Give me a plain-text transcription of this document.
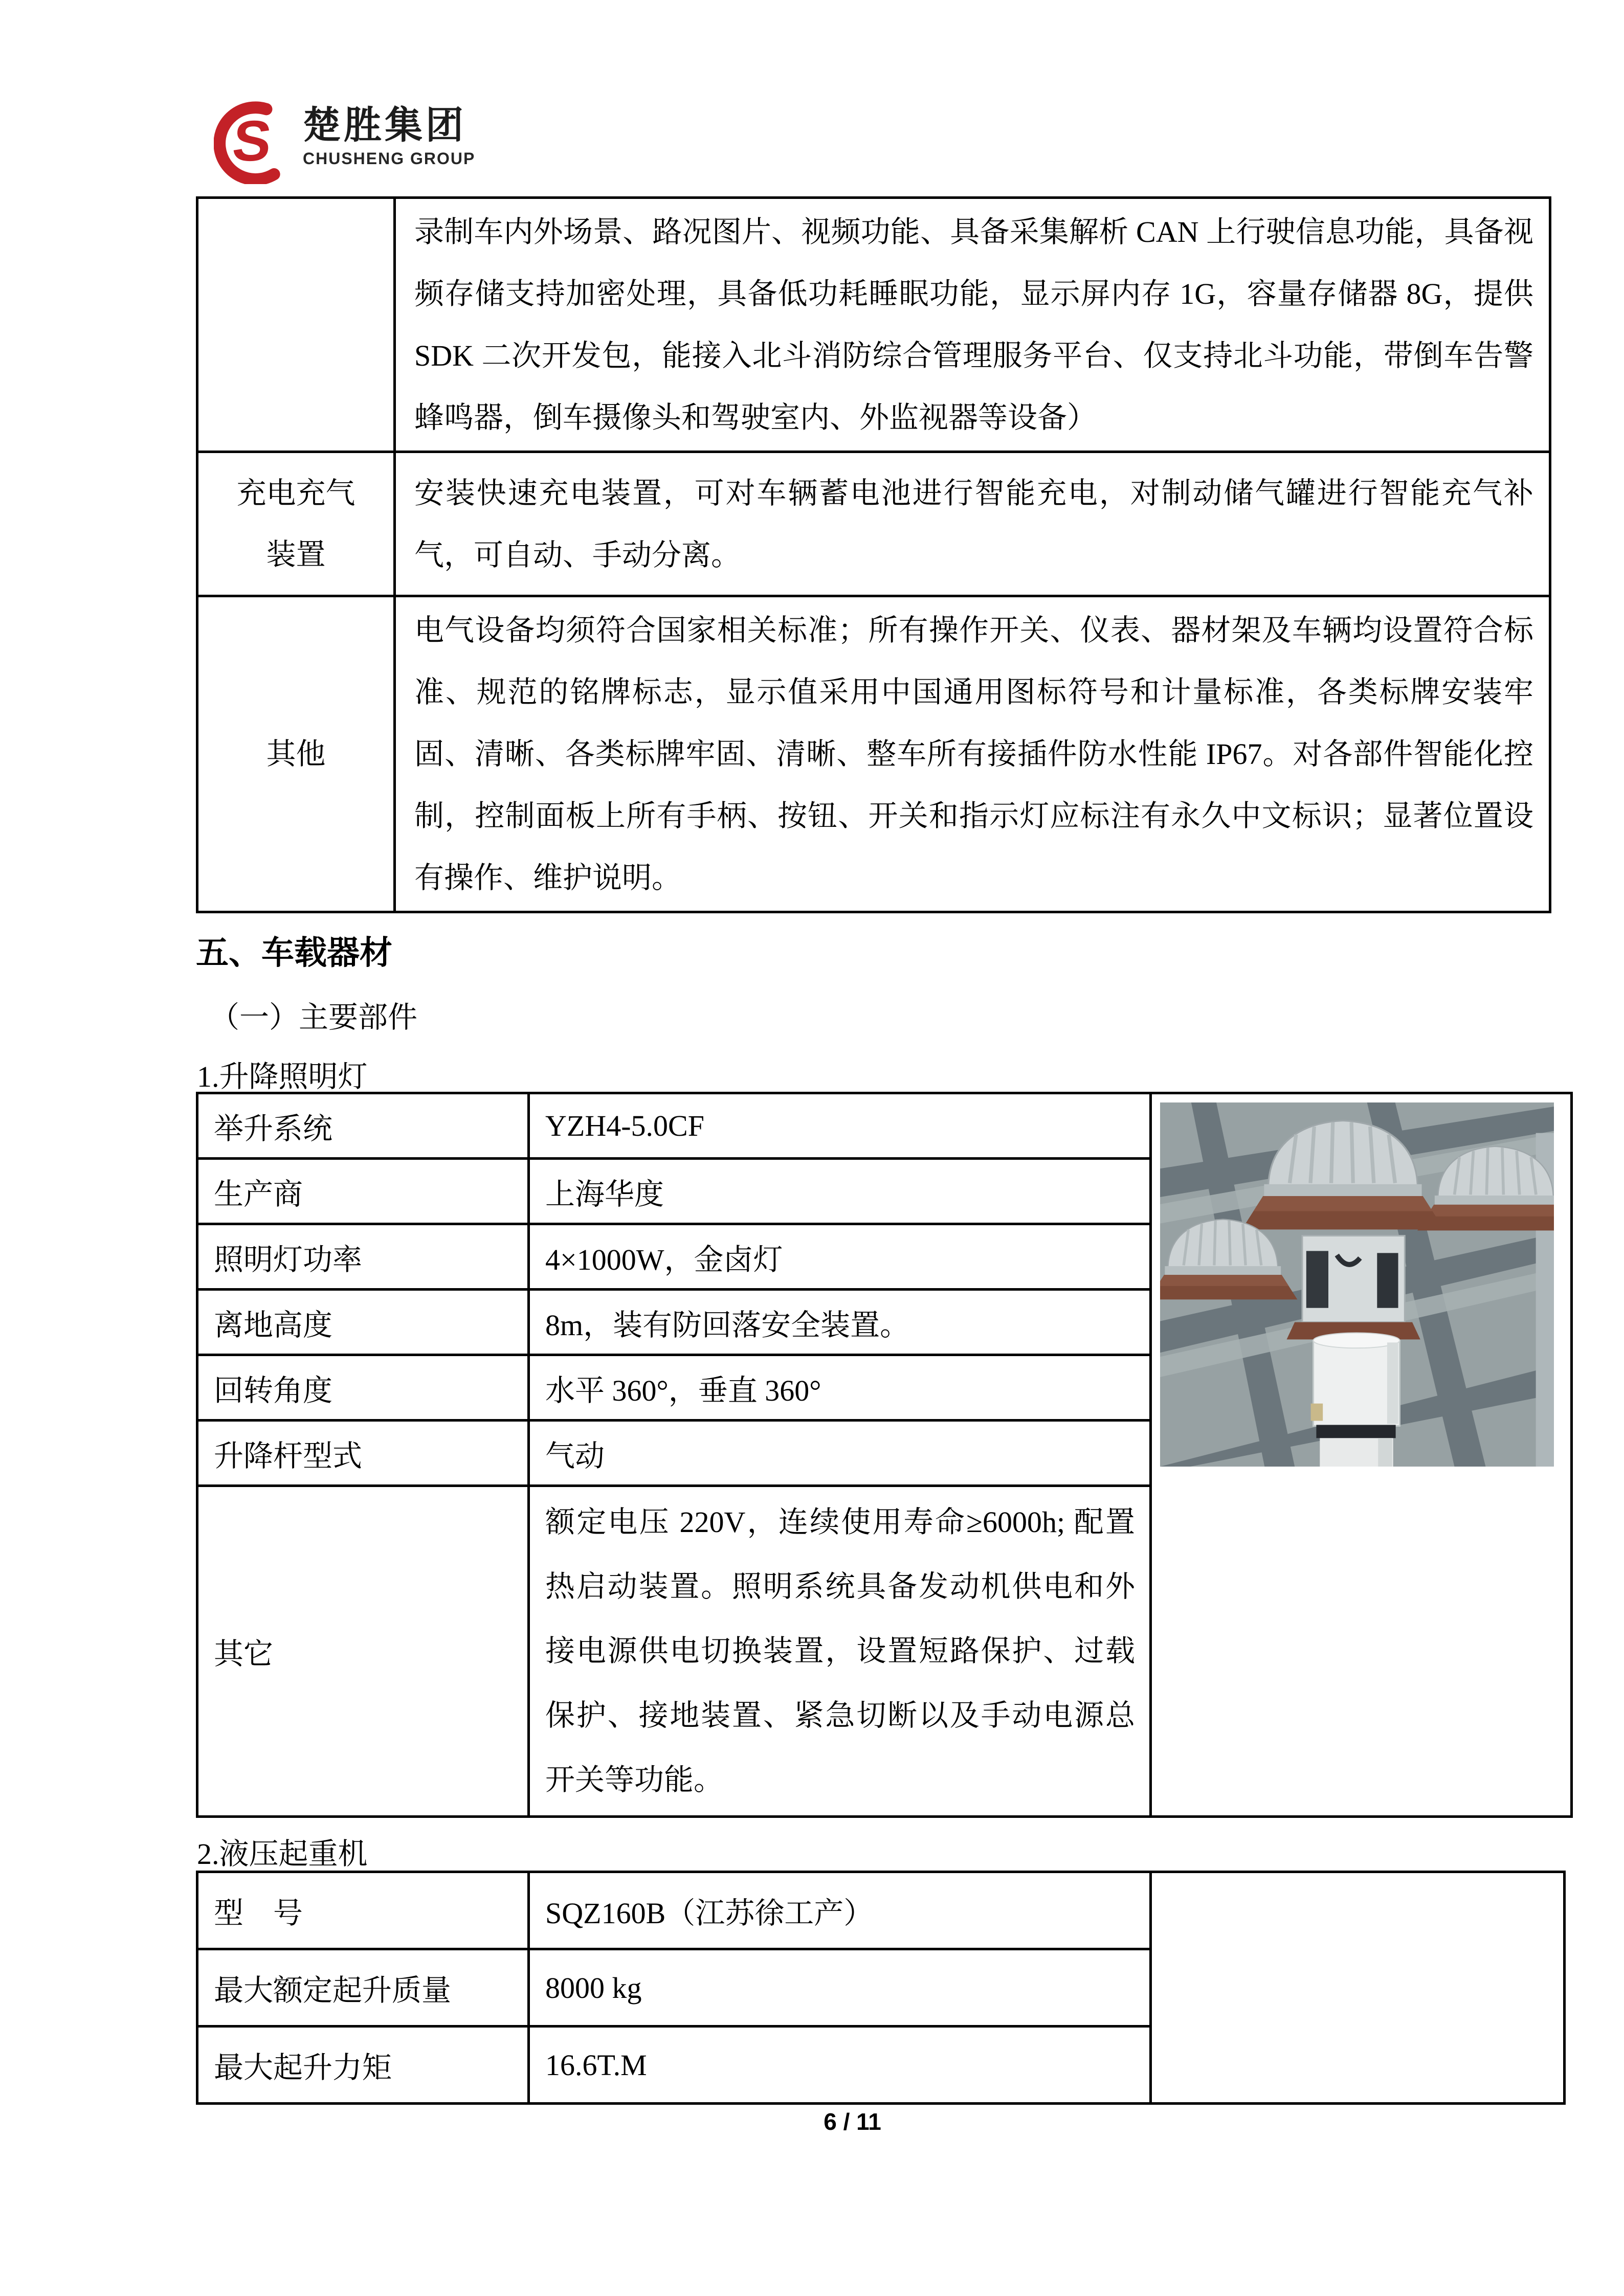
S 楚胜集团
CHUSHENG GROUP
	录制车内外场景、路况图片、视频功能、具备采集解析 CAN 上行驶信息功能，具备视频存储支持加密处理，具备低功耗睡眠功能，显示屏内存 1G，容量存储器 8G，提供 SDK 二次开发包，能接入北斗消防综合管理服务平台、仅支持北斗功能，带倒车告警蜂鸣器，倒车摄像头和驾驶室内、外监视器等设备）

充电充气
装置	安装快速充电装置，可对车辆蓄电池进行智能充电，对制动储气罐进行智能充气补气，可自动、手动分离。
其他	电气设备均须符合国家相关标准；所有操作开关、仪表、器材架及车辆均设置符合标准、规范的铭牌标志，显示值采用中国通用图标符号和计量标准，各类标牌安装牢固、清晰、各类标牌牢固、清晰、整车所有接插件防水性能 IP67。对各部件智能化控制，控制面板上所有手柄、按钮、开关和指示灯应标注有永久中文标识；显著位置设有操作、维护说明。
五、车载器材
（一）主要部件
1.升降照明灯
举升系统	YZH4-5.0CF	

生产商	上海华度	
照明灯功率	4×1000W，金卤灯	
离地高度	8m，装有防回落安全装置。	
回转角度	水平 360°，垂直 360°	
升降杆型式	气动	
其它	额定电压 220V，连续使用寿命≥6000h; 配置热启动装置。照明系统具备发动机供电和外接电源供电切换装置，设置短路保护、过载保护、接地装置、紧急切断以及手动电源总开关等功能。	
2.液压起重机
型　号	SQZ160B（江苏徐工产）	
最大额定起升质量	8000 kg	
最大起升力矩	16.6T.M	
6 / 11
